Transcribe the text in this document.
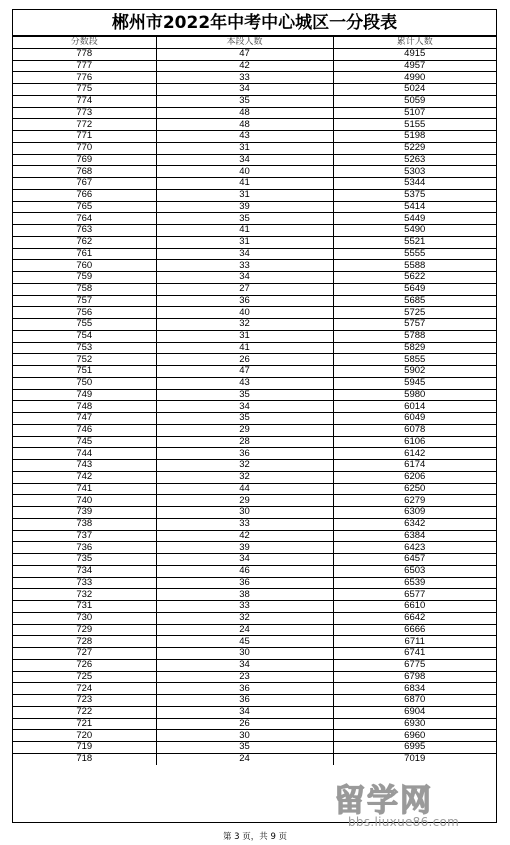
郴州市2022年中考中心城区一分段表
分数段	本段人数	累计人数
778	47	4915
777	42	4957
776	33	4990
775	34	5024
774	35	5059
773	48	5107
772	48	5155
771	43	5198
770	31	5229
769	34	5263
768	40	5303
767	41	5344
766	31	5375
765	39	5414
764	35	5449
763	41	5490
762	31	5521
761	34	5555
760	33	5588
759	34	5622
758	27	5649
757	36	5685
756	40	5725
755	32	5757
754	31	5788
753	41	5829
752	26	5855
751	47	5902
750	43	5945
749	35	5980
748	34	6014
747	35	6049
746	29	6078
745	28	6106
744	36	6142
743	32	6174
742	32	6206
741	44	6250
740	29	6279
739	30	6309
738	33	6342
737	42	6384
736	39	6423
735	34	6457
734	46	6503
733	36	6539
732	38	6577
731	33	6610
730	32	6642
729	24	6666
728	45	6711
727	30	6741
726	34	6775
725	23	6798
724	36	6834
723	36	6870
722	34	6904
721	26	6930
720	30	6960
719	35	6995
718	24	7019
第 3 页，共 9 页
留学网
bbs.liuxue86.com
